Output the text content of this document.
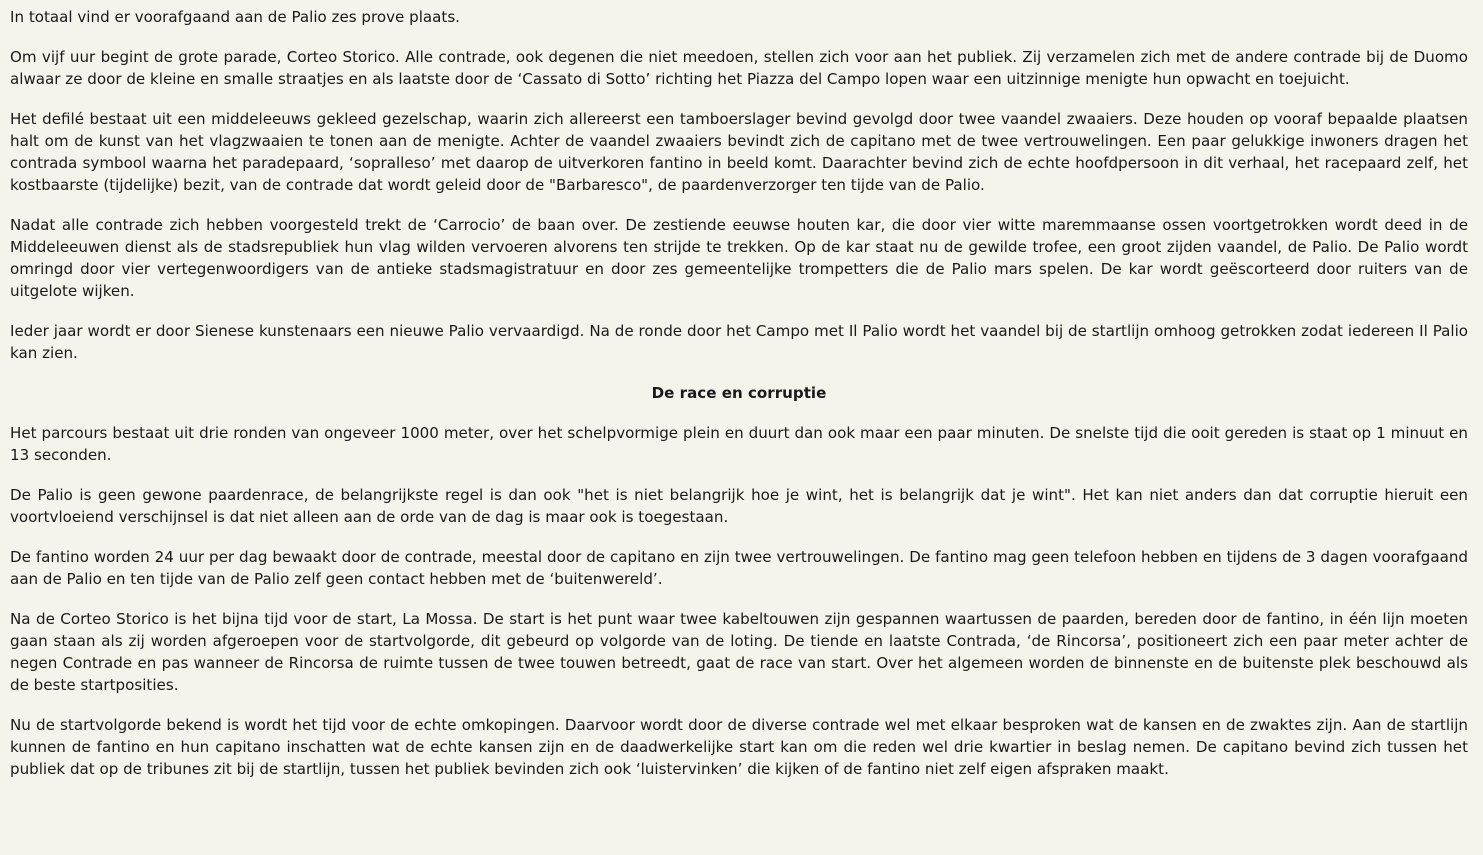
In totaal vind er voorafgaand aan de Palio zes prove plaats.

Om vijf uur begint de grote parade, Corteo Storico. Alle contrade, ook degenen die niet meedoen, stellen zich voor aan het publiek. Zij verzamelen zich met de andere contrade bij de Duomo alwaar ze door de kleine en smalle straatjes en als laatste door de ‘Cassato di Sotto’ richting het Piazza del Campo lopen waar een uitzinnige menigte hun opwacht en toejuicht.

Het defilé bestaat uit een middeleeuws gekleed gezelschap, waarin zich allereerst een tamboerslager bevind gevolgd door twee vaandel zwaaiers. Deze houden op vooraf bepaalde plaatsen halt om de kunst van het vlagzwaaien te tonen aan de menigte. Achter de vaandel zwaaiers bevindt zich de capitano met de twee vertrouwelingen. Een paar gelukkige inwoners dragen het contrada symbool waarna het paradepaard, ‘sopralleso’ met daarop de uitverkoren fantino in beeld komt. Daarachter bevind zich de echte hoofdpersoon in dit verhaal, het racepaard zelf, het kostbaarste (tijdelijke) bezit, van de contrade dat wordt geleid door de "Barbaresco", de paardenverzorger ten tijde van de Palio.

Nadat alle contrade zich hebben voorgesteld trekt de ‘Carrocio’ de baan over. De zestiende eeuwse houten kar, die door vier witte maremmaanse ossen voortgetrokken wordt deed in de Middeleeuwen dienst als de stadsrepubliek hun vlag wilden vervoeren alvorens ten strijde te trekken. Op de kar staat nu de gewilde trofee, een groot zijden vaandel, de Palio. De Palio wordt omringd door vier vertegenwoordigers van de antieke stadsmagistratuur en door zes gemeentelijke trompetters die de Palio mars spelen. De kar wordt geëscorteerd door ruiters van de uitgelote wijken.

Ieder jaar wordt er door Sienese kunstenaars een nieuwe Palio vervaardigd. Na de ronde door het Campo met Il Palio wordt het vaandel bij de startlijn omhoog getrokken zodat iedereen Il Palio kan zien.

De race en corruptie

Het parcours bestaat uit drie ronden van ongeveer 1000 meter, over het schelpvormige plein en duurt dan ook maar een paar minuten. De snelste tijd die ooit gereden is staat op 1 minuut en 13 seconden.

De Palio is geen gewone paardenrace, de belangrijkste regel is dan ook "het is niet belangrijk hoe je wint, het is belangrijk dat je wint". Het kan niet anders dan dat corruptie hieruit een voortvloeiend verschijnsel is dat niet alleen aan de orde van de dag is maar ook is toegestaan.

De fantino worden 24 uur per dag bewaakt door de contrade, meestal door de capitano en zijn twee vertrouwelingen. De fantino mag geen telefoon hebben en tijdens de 3 dagen voorafgaand aan de Palio en ten tijde van de Palio zelf geen contact hebben met de ‘buitenwereld’.

Na de Corteo Storico is het bijna tijd voor de start, La Mossa. De start is het punt waar twee kabeltouwen zijn gespannen waartussen de paarden, bereden door de fantino, in één lijn moeten gaan staan als zij worden afgeroepen voor de startvolgorde, dit gebeurd op volgorde van de loting. De tiende en laatste Contrada, ‘de Rincorsa’, positioneert zich een paar meter achter de negen Contrade en pas wanneer de Rincorsa de ruimte tussen de twee touwen betreedt, gaat de race van start. Over het algemeen worden de binnenste en de buitenste plek beschouwd als de beste startposities.

Nu de startvolgorde bekend is wordt het tijd voor de echte omkopingen. Daarvoor wordt door de diverse contrade wel met elkaar besproken wat de kansen en de zwaktes zijn. Aan de startlijn kunnen de fantino en hun capitano inschatten wat de echte kansen zijn en de daadwerkelijke start kan om die reden wel drie kwartier in beslag nemen. De capitano bevind zich tussen het publiek dat op de tribunes zit bij de startlijn, tussen het publiek bevinden zich ook ‘luistervinken’ die kijken of de fantino niet zelf eigen afspraken maakt.
